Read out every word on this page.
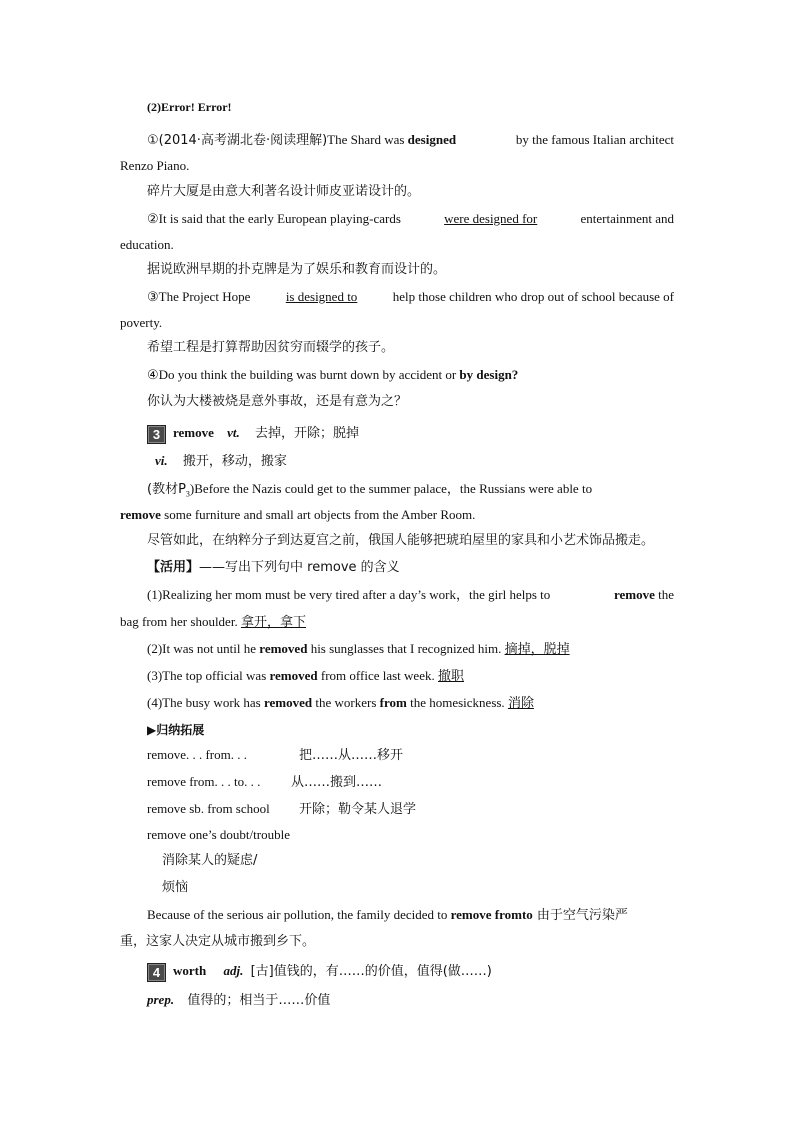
(2)Error! Error!
①(2014·高考湖北卷·阅读理解)The Shard was designed	by the famous Italian architect
Renzo Piano.
碎片大厦是由意大利著名设计师皮亚诺设计的。
②It is said that the early European playing-cards	were designed for	entertainment and
education.
据说欧洲早期的扑克牌是为了娱乐和教育而设计的。
③The Project Hope	is designed to	help those children who drop out of school because of
poverty.
希望工程是打算帮助因贫穷而辍学的孩子。
④Do you think the building was burnt down by accident or by design?
你认为大楼被烧是意外事故，还是有意为之？
3 remove vt. 去掉，开除；脱掉
vi. 搬开，移动，搬家
(教材$P_3)Before$ the Nazis could get to the summer palace，the Russians were able to
remove some furniture and small art objects from the Amber Room.
尽管如此，在纳粹分子到达夏宫之前，俄国人能够把琥珀屋里的家具和小艺术饰品搬走。
【活用】——写出下列句中 remove 的含义
(1)Realizing her mom must be very tired after a day’s work，the girl helps to	remove the
bag from her shoulder. 拿开，拿下
(2)It was not until he removed his sunglasses that I recognized him. 摘掉，脱掉
(3)The top official was removed from office last week. 撤职
(4)The busy work has removed the workers from the homesickness. 消除
▶归纳拓展
remove. . . from. . .	把……从……移开
remove from. . . to. . . 从……搬到……
remove sb. from school 开除；勒令某人退学
remove one’s doubt/trouble
消除某人的疑虑/
烦恼
Because of the serious air pollution, the family decided to remove fromto 由于空气污染严
重，这家人决定从城市搬到乡下。
4 worth adj. [古]值钱的，有……的价值，值得(做……)
prep. 值得的；相当于……价值
